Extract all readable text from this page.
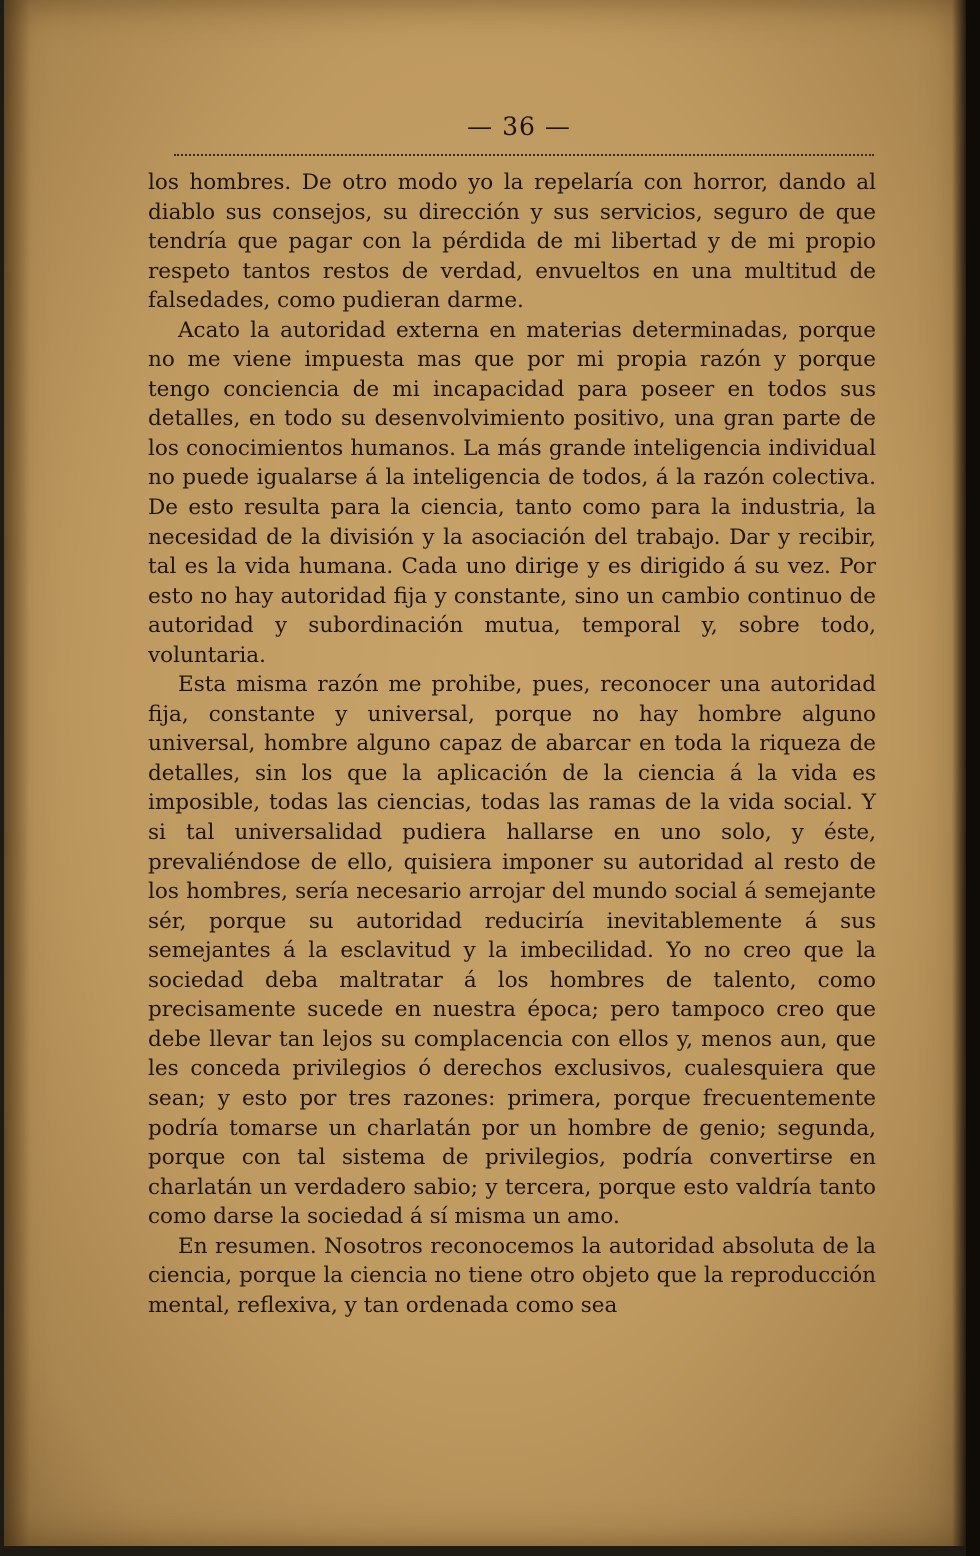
— 36 —

los hombres. De otro modo yo la repelaría con horror, dando al diablo sus consejos, su dirección y sus servicios, seguro de que tendría que pagar con la pérdida de mi libertad y de mi propio respeto tantos restos de verdad, envueltos en una multitud de falsedades, como pudieran darme.

Acato la autoridad externa en materias determinadas, porque no me viene impuesta mas que por mi propia razón y porque tengo conciencia de mi incapacidad para poseer en todos sus detalles, en todo su desenvolvimiento positivo, una gran parte de los conocimientos humanos. La más grande inteligencia individual no puede igualarse á la inteligencia de todos, á la razón colectiva. De esto resulta para la ciencia, tanto como para la industria, la necesidad de la división y la asociación del trabajo. Dar y recibir, tal es la vida humana. Cada uno dirige y es dirigido á su vez. Por esto no hay autoridad fija y constante, sino un cambio continuo de autoridad y subordinación mutua, temporal y, sobre todo, voluntaria.

Esta misma razón me prohibe, pues, reconocer una autoridad fija, constante y universal, porque no hay hombre alguno universal, hombre alguno capaz de abarcar en toda la riqueza de detalles, sin los que la aplicación de la ciencia á la vida es imposible, todas las ciencias, todas las ramas de la vida social. Y si tal universalidad pudiera hallarse en uno solo, y éste, prevaliéndose de ello, quisiera imponer su autoridad al resto de los hombres, sería necesario arrojar del mundo social á semejante sér, porque su autoridad reduciría inevitablemente á sus semejantes á la esclavitud y la imbecilidad. Yo no creo que la sociedad deba maltratar á los hombres de talento, como precisamente sucede en nuestra época; pero tampoco creo que debe llevar tan lejos su complacencia con ellos y, menos aun, que les conceda privilegios ó derechos exclusivos, cualesquiera que sean; y esto por tres razones: primera, porque frecuentemente podría tomarse un charlatán por un hombre de genio; segunda, porque con tal sistema de privilegios, podría convertirse en charlatán un verdadero sabio; y tercera, porque esto valdría tanto como darse la sociedad á sí misma un amo.

En resumen. Nosotros reconocemos la autoridad absoluta de la ciencia, porque la ciencia no tiene otro objeto que la reproducción mental, reflexiva, y tan ordenada como sea
